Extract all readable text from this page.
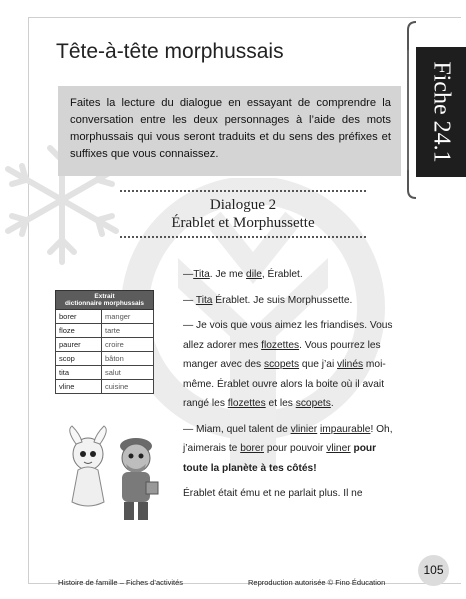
Tête-à-tête morphussais
Fiche 24.1
Faites la lecture du dialogue en essayant de comprendre la conversation entre les deux personnages à l’aide des mots morphussais qui vous seront traduits et du sens des préfixes et suffixes que vous connaissez.
Dialogue 2
Érablet et Morphussette
Extrait
dictionnaire morphussais	

borer	manger
floze	tarte
paurer	croire
scop	bâton
tita	salut
vline	cuisine

—Tita. Je me dile, Érablet.

— Tita Érablet. Je suis Morphussette.

— Je vois que vous aimez les friandises. Vous allez adorer mes flozettes. Vous pourrez les manger avec des scopets que j’ai vlinés moi-même. Érablet ouvre alors la boite où il avait rangé les flozettes et les scopets.

— Miam, quel talent de vlinier impaurable! Oh, j’aimerais te borer pour pouvoir vliner pour toute la planète à tes côtés!

Érablet était ému et ne parlait plus. Il ne

Histoire de famille – Fiches d’activités	Reproduction autorisée © Fino Éducation
105
